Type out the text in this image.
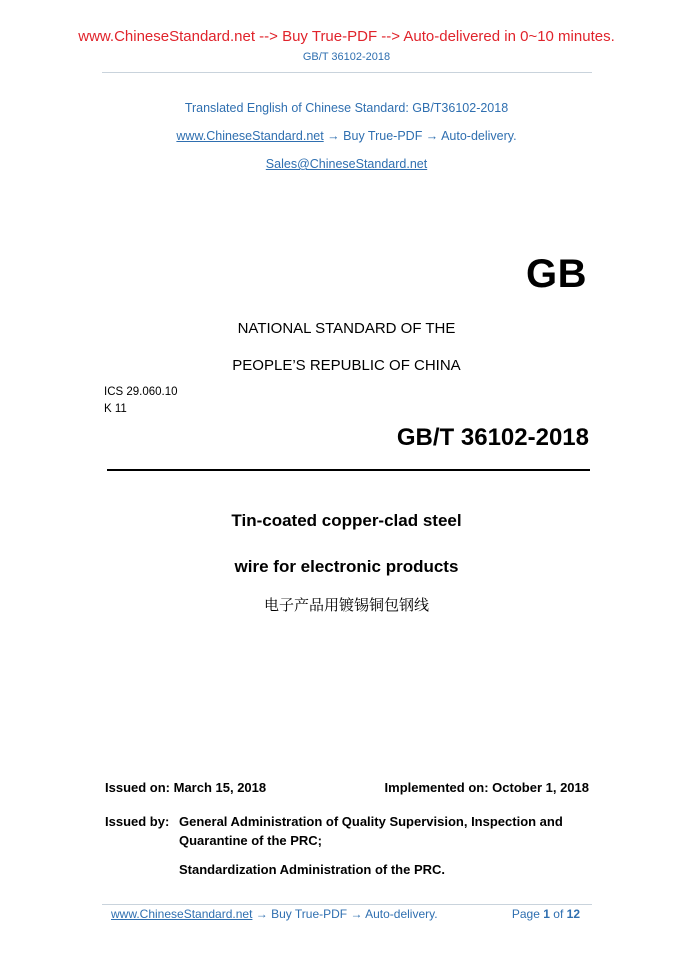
www.ChineseStandard.net --> Buy True-PDF --> Auto-delivered in 0~10 minutes.
GB/T 36102-2018
Translated English of Chinese Standard: GB/T36102-2018
www.ChineseStandard.net → Buy True-PDF → Auto-delivery.
Sales@ChineseStandard.net
GB
NATIONAL STANDARD OF THE
PEOPLE’S REPUBLIC OF CHINA
ICS 29.060.10
K 11
GB/T 36102-2018
Tin-coated copper-clad steel
wire for electronic products
电子产品用镀锡铜包钢线
Issued on: March 15, 2018	Implemented on: October 1, 2018
Issued by: General Administration of Quality Supervision, Inspection and
Quarantine of the PRC;
Standardization Administration of the PRC.
www.ChineseStandard.net → Buy True-PDF → Auto-delivery.	Page 1 of 12
